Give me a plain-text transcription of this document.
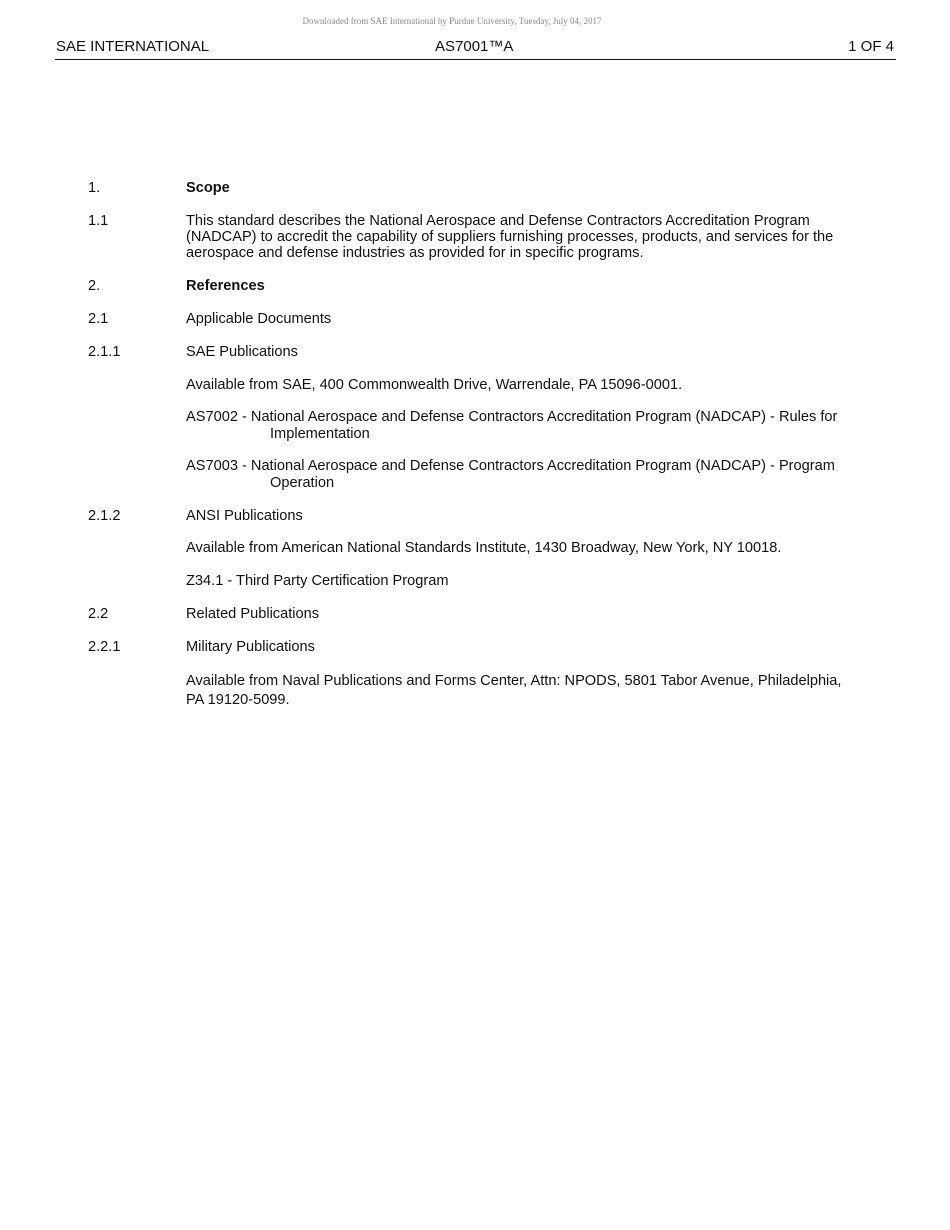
Downloaded from SAE International by Purdue University, Tuesday, July 04, 2017
SAE INTERNATIONAL	AS7001™A	1 OF 4
1.	Scope
1.1	This standard describes the National Aerospace and Defense Contractors Accreditation Program (NADCAP) to accredit the capability of suppliers furnishing processes, products, and services for the aerospace and defense industries as provided for in specific programs.
2.	References
2.1	Applicable Documents
2.1.1	SAE Publications
Available from SAE, 400 Commonwealth Drive, Warrendale, PA 15096-0001.
AS7002 - National Aerospace and Defense Contractors Accreditation Program (NADCAP) - Rules for Implementation
AS7003 - National Aerospace and Defense Contractors Accreditation Program (NADCAP) - Program Operation
2.1.2	ANSI Publications
Available from American National Standards Institute, 1430 Broadway, New York, NY 10018.
Z34.1 - Third Party Certification Program
2.2	Related Publications
2.2.1	Military Publications
Available from Naval Publications and Forms Center, Attn: NPODS, 5801 Tabor Avenue, Philadelphia, PA 19120-5099.
